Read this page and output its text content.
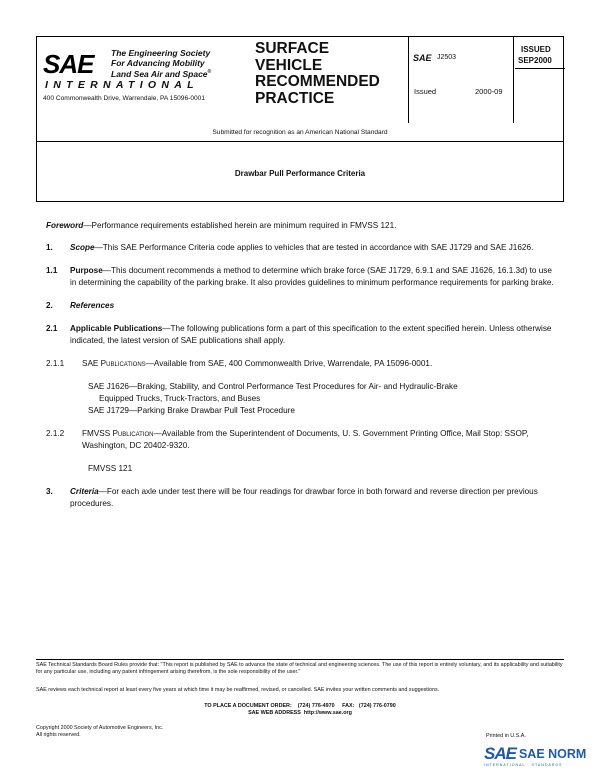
SAE The Engineering Society
For Advancing Mobility
Land Sea Air and Space®
INTERNATIONAL
400 Commonwealth Drive, Warrendale, PA 15096-0001
SURFACE
VEHICLE
RECOMMENDED
PRACTICE
SAE J2503
Issued	2000-09
ISSUED
SEP2000
Submitted for recognition as an American National Standard
Drawbar Pull Performance Criteria

Foreword—Performance requirements established herein are minimum required in FMVSS 121.

1.	Scope—This SAE Performance Criteria code applies to vehicles that are tested in accordance with SAE J1729 and SAE J1626.
1.1	Purpose—This document recommends a method to determine which brake force (SAE J1729, 6.9.1 and SAE J1626, 16.1.3d) to use in determining the capability of the parking brake. It also provides guidelines to minimum performance requirements for parking brake.
2.	References
2.1	Applicable Publications—The following publications form a part of this specification to the extent specified herein. Unless otherwise indicated, the latest version of SAE publications shall apply.
2.1.1	SAE Publications—Available from SAE, 400 Commonwealth Drive, Warrendale, PA 15096-0001.
SAE J1626—Braking, Stability, and Control Performance Test Procedures for Air- and Hydraulic-Brake
Equipped Trucks, Truck-Tractors, and Buses
SAE J1729—Parking Brake Drawbar Pull Test Procedure
2.1.2	FMVSS Publication—Available from the Superintendent of Documents, U. S. Government Printing Office, Mail Stop: SSOP, Washington, DC 20402-9320.
FMVSS 121
3.	Criteria—For each axle under test there will be four readings for drawbar force in both forward and reverse direction per previous procedures.
SAE Technical Standards Board Rules provide that: "This report is published by SAE to advance the state of technical and engineering sciences. The use of this report is entirely voluntary, and its applicability and suitability for any particular use, including any patent infringement arising therefrom, is the sole responsibility of the user."
SAE reviews each technical report at least every five years at which time it may be reaffirmed, revised, or cancelled. SAE invites your written comments and suggestions.
TO PLACE A DOCUMENT ORDER: (724) 776-4970 FAX: (724) 776-0790
SAE WEB ADDRESS http://www.sae.org
Copyright 2000 Society of Automotive Engineers, Inc.
All rights reserved.	Printed in U.S.A.
SAE SAE NORM
INTERNATIONAL · STANDARDS
